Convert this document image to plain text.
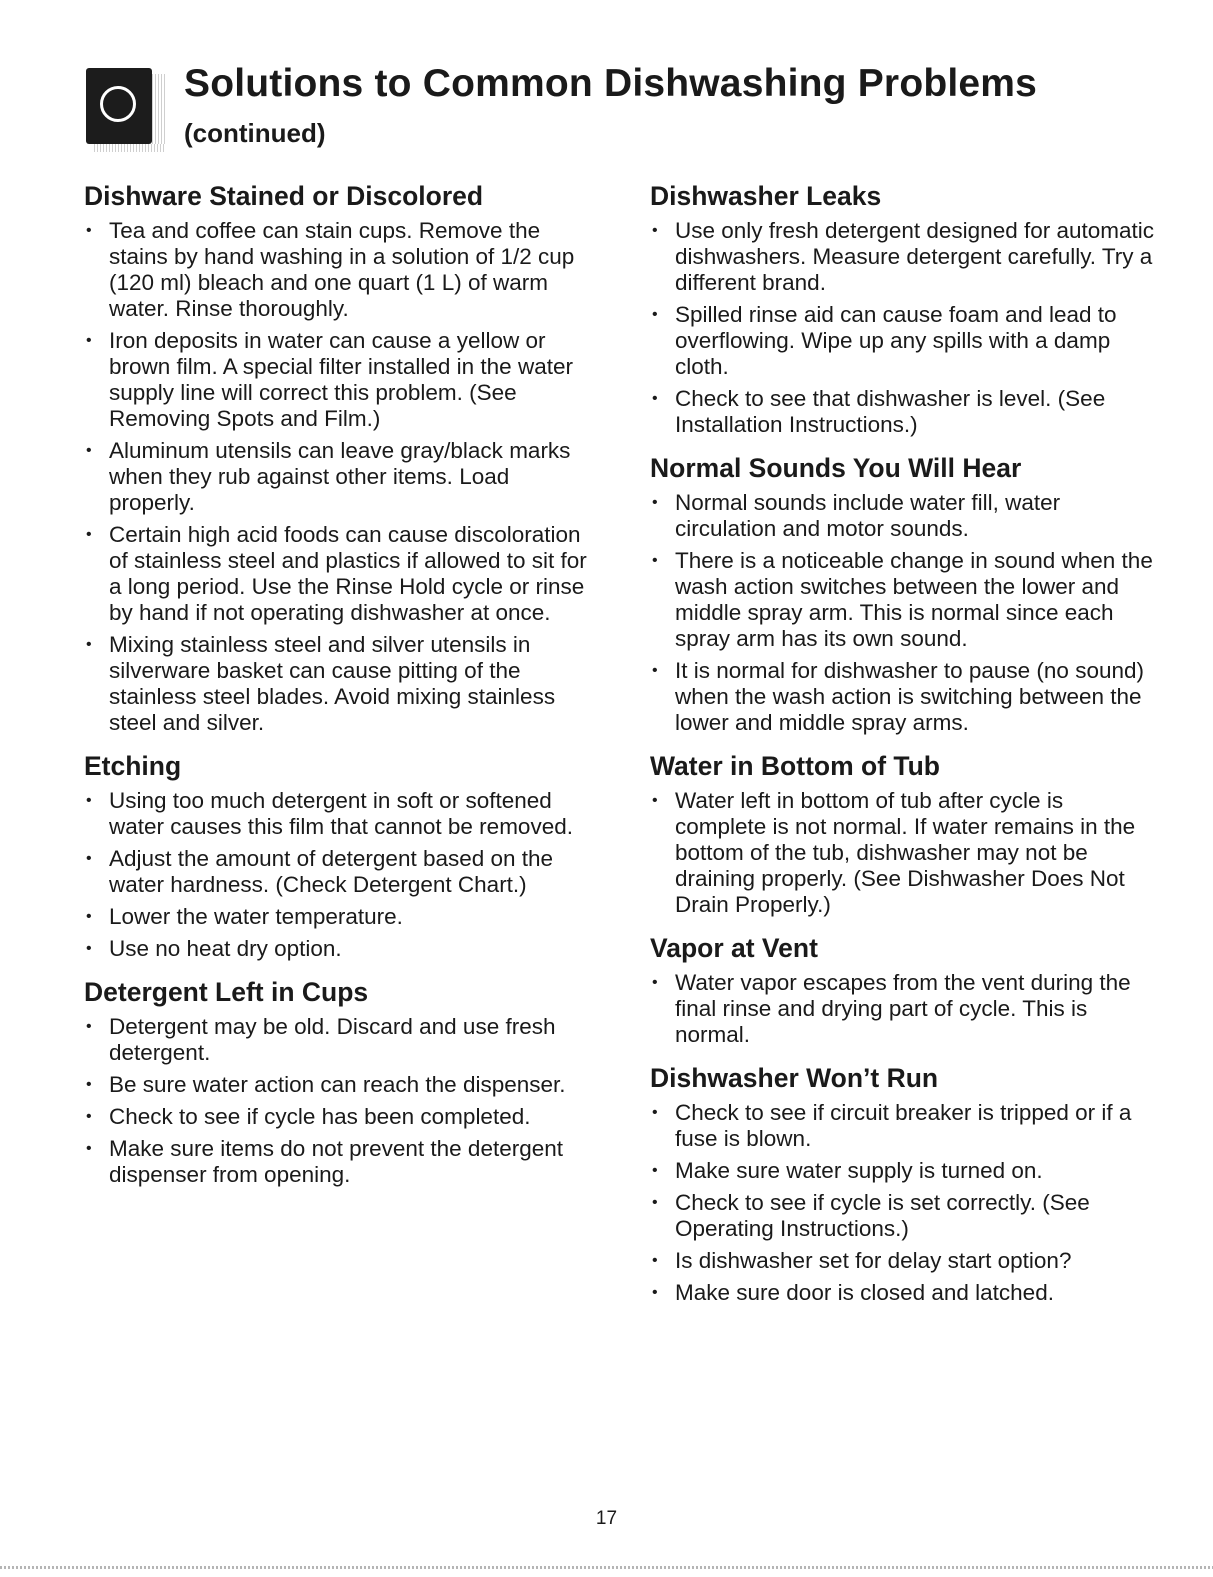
Solutions to Common Dishwashing Problems
(continued)
Dishware Stained or Discolored
• Tea and coffee can stain cups. Remove the stains by hand washing in a solution of 1/2 cup (120 ml) bleach and one quart (1 L) of warm water. Rinse thoroughly.
• Iron deposits in water can cause a yellow or brown film. A special filter installed in the water supply line will correct this problem. (See Removing Spots and Film.)
• Aluminum utensils can leave gray/black marks when they rub against other items. Load properly.
• Certain high acid foods can cause discoloration of stainless steel and plastics if allowed to sit for a long period. Use the Rinse Hold cycle or rinse by hand if not operating dishwasher at once.
• Mixing stainless steel and silver utensils in silverware basket can cause pitting of the stainless steel blades. Avoid mixing stainless steel and silver.
Etching
• Using too much detergent in soft or softened water causes this film that cannot be removed.
• Adjust the amount of detergent based on the water hardness. (Check Detergent Chart.)
• Lower the water temperature.
• Use no heat dry option.
Detergent Left in Cups
• Detergent may be old. Discard and use fresh detergent.
• Be sure water action can reach the dispenser.
• Check to see if cycle has been completed.
• Make sure items do not prevent the detergent dispenser from opening.
Dishwasher Leaks
• Use only fresh detergent designed for automatic dishwashers. Measure detergent carefully. Try a different brand.
• Spilled rinse aid can cause foam and lead to overflowing. Wipe up any spills with a damp cloth.
• Check to see that dishwasher is level. (See Installation Instructions.)
Normal Sounds You Will Hear
• Normal sounds include water fill, water circulation and motor sounds.
• There is a noticeable change in sound when the wash action switches between the lower and middle spray arm. This is normal since each spray arm has its own sound.
• It is normal for dishwasher to pause (no sound) when the wash action is switching between the lower and middle spray arms.
Water in Bottom of Tub
• Water left in bottom of tub after cycle is complete is not normal. If water remains in the bottom of the tub, dishwasher may not be draining properly. (See Dishwasher Does Not Drain Properly.)
Vapor at Vent
• Water vapor escapes from the vent during the final rinse and drying part of cycle. This is normal.
Dishwasher Won’t Run
• Check to see if circuit breaker is tripped or if a fuse is blown.
• Make sure water supply is turned on.
• Check to see if cycle is set correctly. (See Operating Instructions.)
• Is dishwasher set for delay start option?
• Make sure door is closed and latched.
17
